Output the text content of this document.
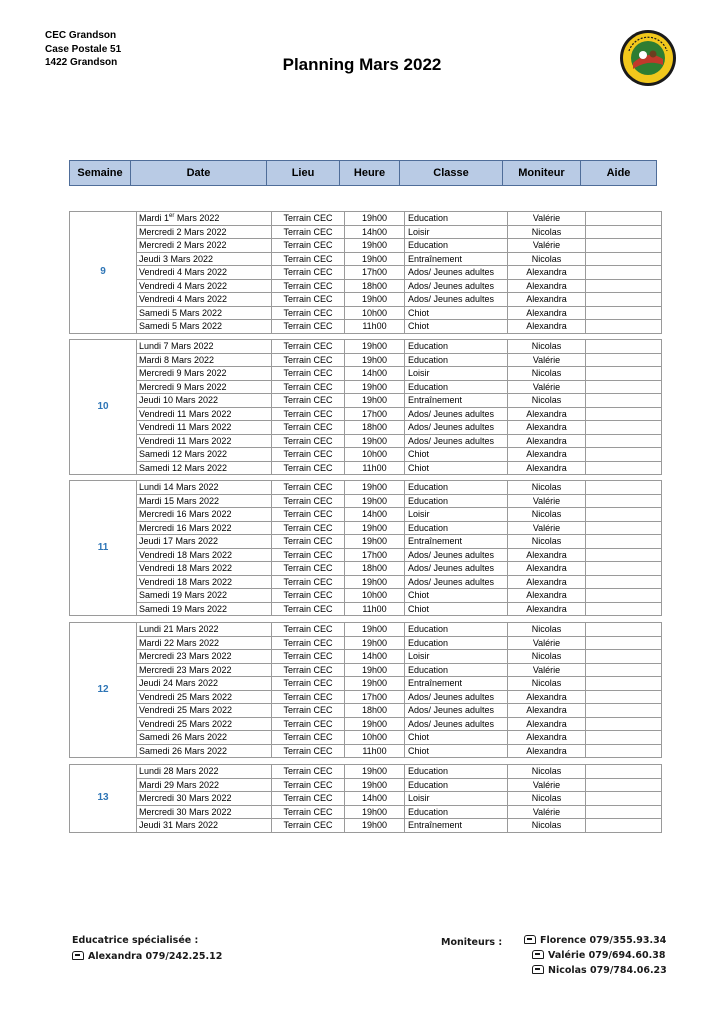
CEC Grandson
Case Postale 51
1422 Grandson	Planning Mars 2022
Semaine	Date	Lieu	Heure	Classe	Moniteur	Aide
9	Mardi 1er Mars 2022	Terrain CEC	19h00	Education	Valérie	
	Mercredi 2 Mars 2022	Terrain CEC	14h00	Loisir	Nicolas	
	Mercredi 2 Mars 2022	Terrain CEC	19h00	Education	Valérie	
	Jeudi 3 Mars 2022	Terrain CEC	19h00	Entraînement	Nicolas	
	Vendredi 4 Mars 2022	Terrain CEC	17h00	Ados/ Jeunes adultes	Alexandra	
	Vendredi 4 Mars 2022	Terrain CEC	18h00	Ados/ Jeunes adultes	Alexandra	
	Vendredi 4 Mars 2022	Terrain CEC	19h00	Ados/ Jeunes adultes	Alexandra	
	Samedi 5 Mars 2022	Terrain CEC	10h00	Chiot	Alexandra	
	Samedi 5 Mars 2022	Terrain CEC	11h00	Chiot	Alexandra	
10	Lundi 7 Mars 2022	Terrain CEC	19h00	Education	Nicolas	
	Mardi 8 Mars 2022	Terrain CEC	19h00	Education	Valérie	
	Mercredi 9 Mars 2022	Terrain CEC	14h00	Loisir	Nicolas	
	Mercredi 9 Mars 2022	Terrain CEC	19h00	Education	Valérie	
	Jeudi 10 Mars 2022	Terrain CEC	19h00	Entraînement	Nicolas	
	Vendredi 11 Mars 2022	Terrain CEC	17h00	Ados/ Jeunes adultes	Alexandra	
	Vendredi 11 Mars 2022	Terrain CEC	18h00	Ados/ Jeunes adultes	Alexandra	
	Vendredi 11 Mars 2022	Terrain CEC	19h00	Ados/ Jeunes adultes	Alexandra	
	Samedi 12 Mars 2022	Terrain CEC	10h00	Chiot	Alexandra	
	Samedi 12 Mars 2022	Terrain CEC	11h00	Chiot	Alexandra	
11	Lundi 14 Mars 2022	Terrain CEC	19h00	Education	Nicolas	
	Mardi 15 Mars 2022	Terrain CEC	19h00	Education	Valérie	
	Mercredi 16 Mars 2022	Terrain CEC	14h00	Loisir	Nicolas	
	Mercredi 16 Mars 2022	Terrain CEC	19h00	Education	Valérie	
	Jeudi 17 Mars 2022	Terrain CEC	19h00	Entraînement	Nicolas	
	Vendredi 18 Mars 2022	Terrain CEC	17h00	Ados/ Jeunes adultes	Alexandra	
	Vendredi 18 Mars 2022	Terrain CEC	18h00	Ados/ Jeunes adultes	Alexandra	
	Vendredi 18 Mars 2022	Terrain CEC	19h00	Ados/ Jeunes adultes	Alexandra	
	Samedi 19 Mars 2022	Terrain CEC	10h00	Chiot	Alexandra	
	Samedi 19 Mars 2022	Terrain CEC	11h00	Chiot	Alexandra	
12	Lundi 21 Mars 2022	Terrain CEC	19h00	Education	Nicolas	
	Mardi 22 Mars 2022	Terrain CEC	19h00	Education	Valérie	
	Mercredi 23 Mars 2022	Terrain CEC	14h00	Loisir	Nicolas	
	Mercredi 23 Mars 2022	Terrain CEC	19h00	Education	Valérie	
	Jeudi 24 Mars 2022	Terrain CEC	19h00	Entraînement	Nicolas	
	Vendredi 25 Mars 2022	Terrain CEC	17h00	Ados/ Jeunes adultes	Alexandra	
	Vendredi 25 Mars 2022	Terrain CEC	18h00	Ados/ Jeunes adultes	Alexandra	
	Vendredi 25 Mars 2022	Terrain CEC	19h00	Ados/ Jeunes adultes	Alexandra	
	Samedi 26 Mars 2022	Terrain CEC	10h00	Chiot	Alexandra	
	Samedi 26 Mars 2022	Terrain CEC	11h00	Chiot	Alexandra	
13	Lundi 28 Mars 2022	Terrain CEC	19h00	Education	Nicolas	
	Mardi 29 Mars 2022	Terrain CEC	19h00	Education	Valérie	
	Mercredi 30 Mars 2022	Terrain CEC	14h00	Loisir	Nicolas	
	Mercredi 30 Mars 2022	Terrain CEC	19h00	Education	Valérie	
	Jeudi 31 Mars 2022	Terrain CEC	19h00	Entraînement	Nicolas	
Educatrice spécialisée :
Alexandra 079/242.25.12
Moniteurs :	Florence 079/355.93.34
Valérie 079/694.60.38
Nicolas 079/784.06.23
